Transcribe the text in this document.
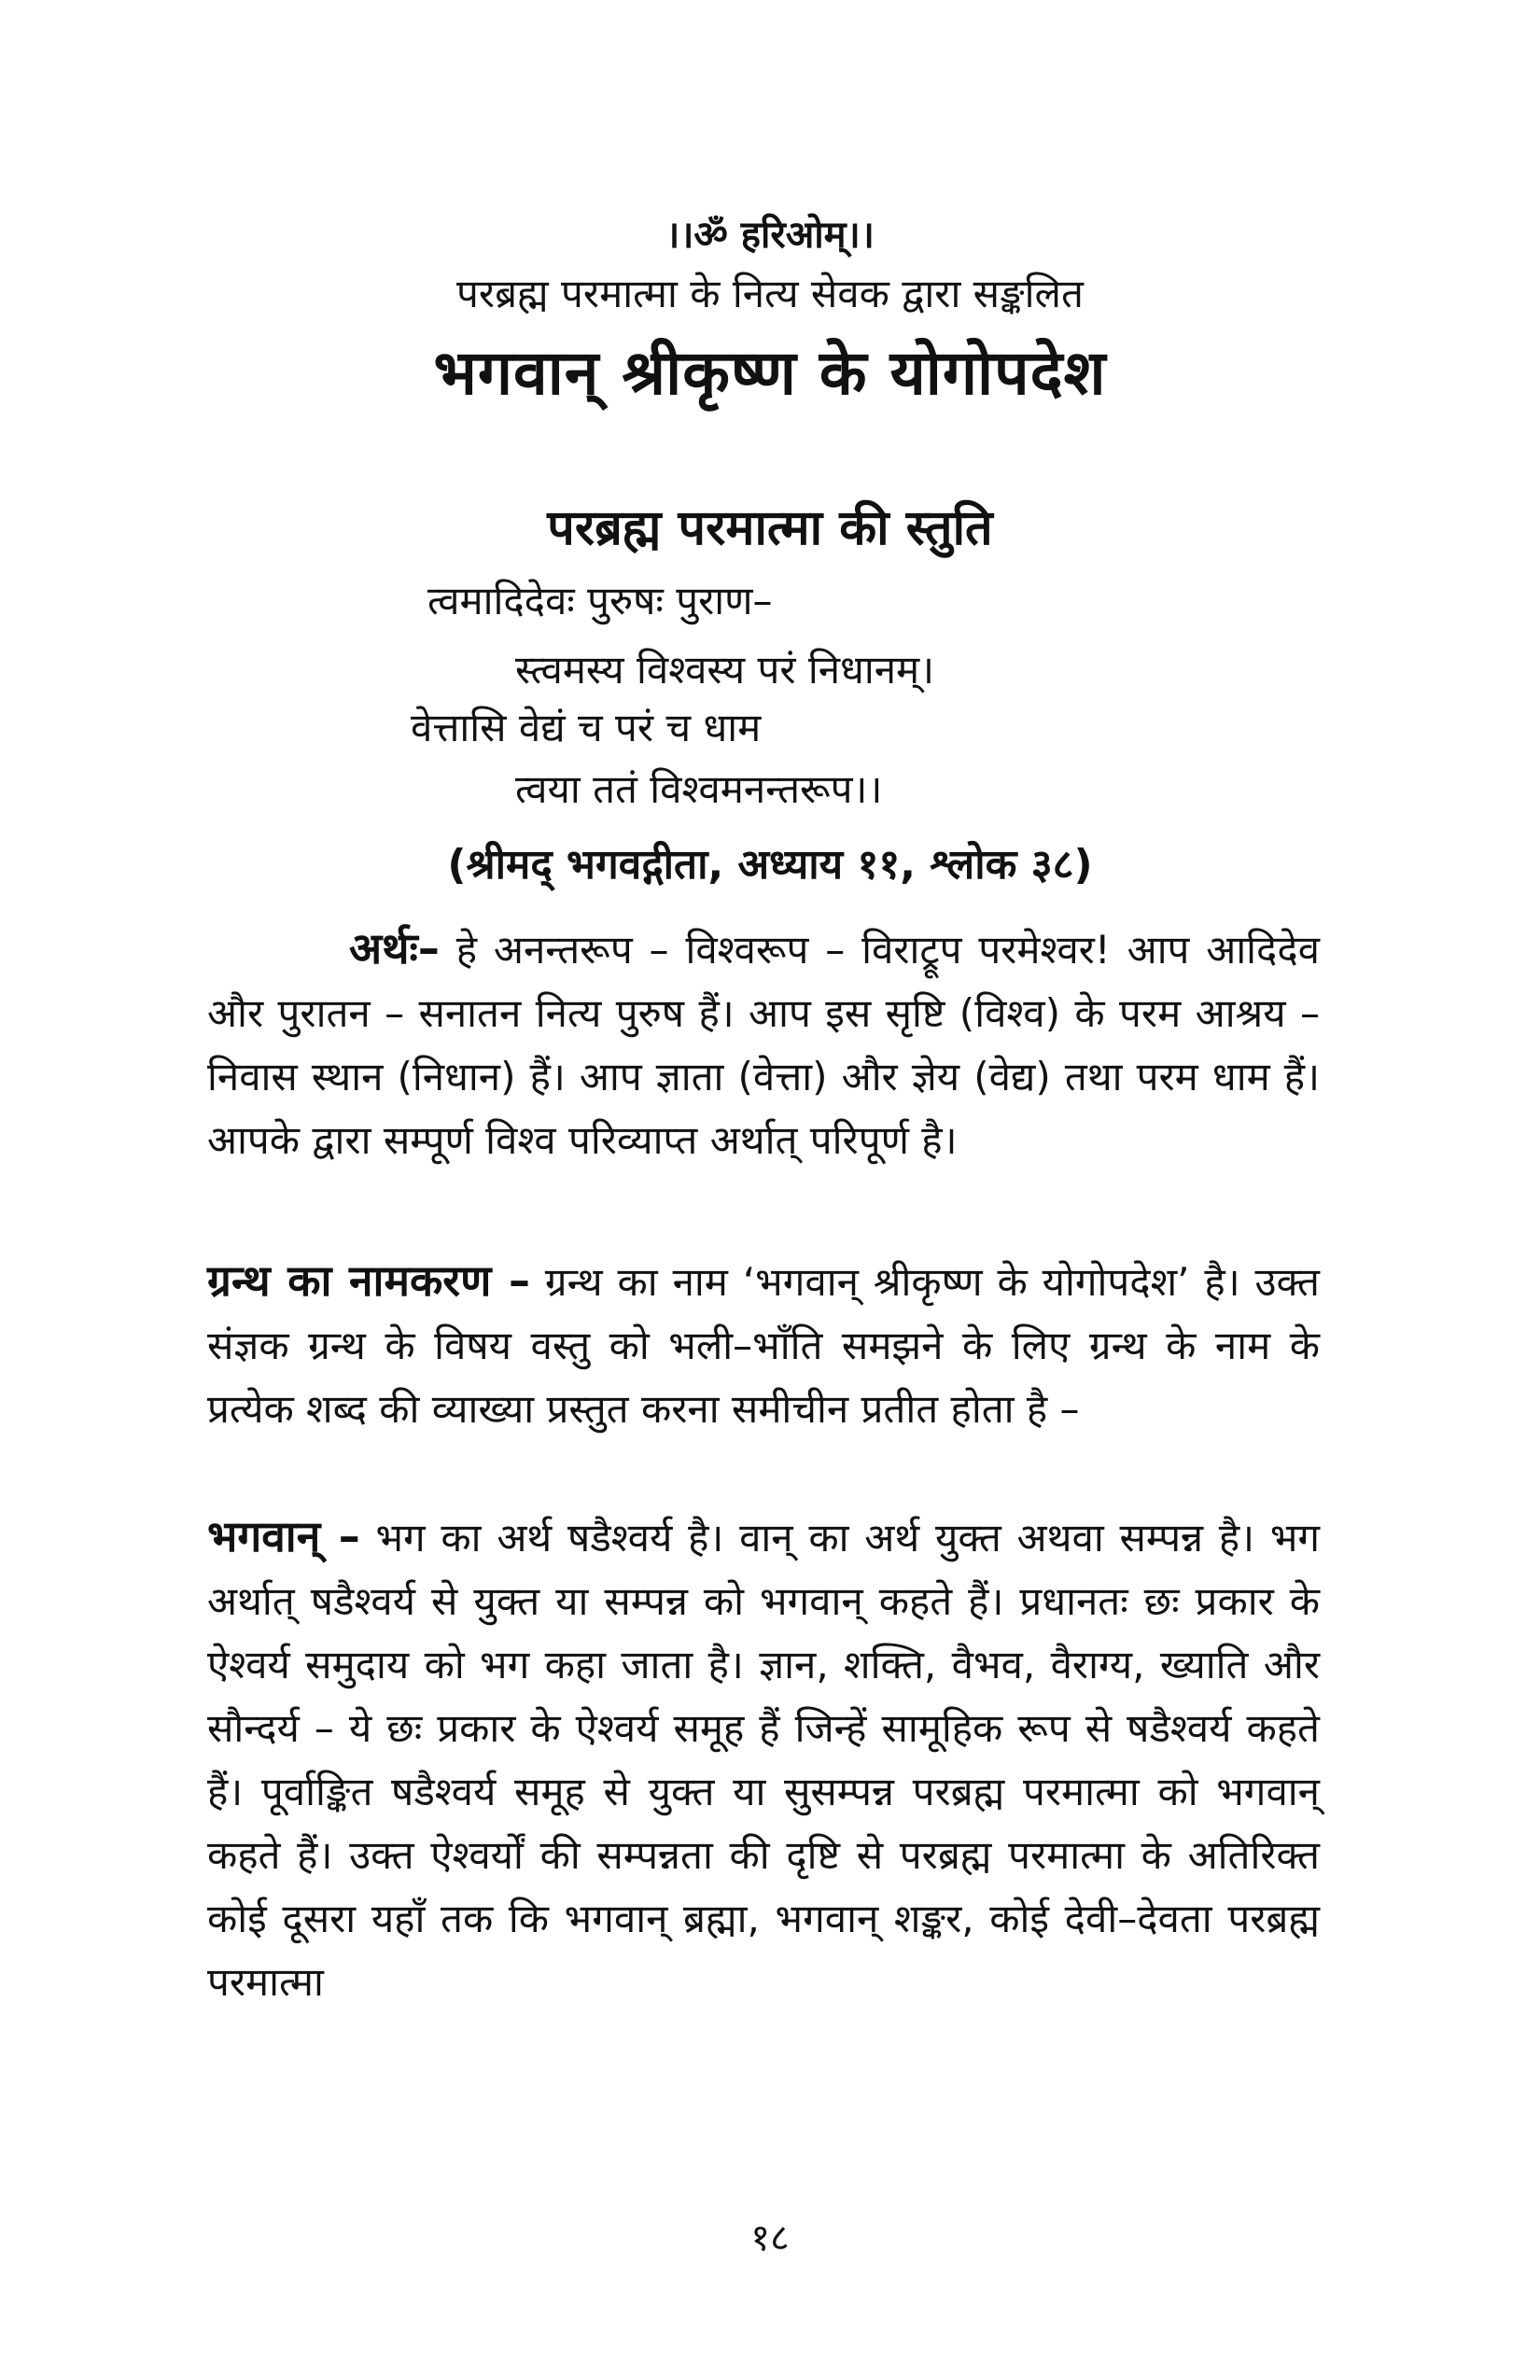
।।ॐ हरिओम्।।
परब्रह्म परमात्मा के नित्य सेवक द्वारा सङ्कलित
भगवान् श्रीकृष्ण के योगोपदेश
परब्रह्म परमात्मा की स्तुति
त्वमादिदेवः पुरुषः पुराण–
स्त्वमस्य विश्वस्य परं निधानम्।
वेत्तासि वेद्यं च परं च धाम
त्वया ततं विश्वमनन्तरूप।।
(श्रीमद् भगवद्गीता, अध्याय ११, श्लोक ३८)
अर्थः– हे अनन्तरूप – विश्वरूप – विराट्रूप परमेश्वर! आप आदिदेव और पुरातन – सनातन नित्य पुरुष हैं। आप इस सृष्टि (विश्व) के परम आश्रय – निवास स्थान (निधान) हैं। आप ज्ञाता (वेत्ता) और ज्ञेय (वेद्य) तथा परम धाम हैं। आपके द्वारा सम्पूर्ण विश्व परिव्याप्त अर्थात् परिपूर्ण है।
ग्रन्थ का नामकरण – ग्रन्थ का नाम ‘भगवान् श्रीकृष्ण के योगोपदेश’ है। उक्त संज्ञक ग्रन्थ के विषय वस्तु को भली–भाँति समझने के लिए ग्रन्थ के नाम के प्रत्येक शब्द की व्याख्या प्रस्तुत करना समीचीन प्रतीत होता है –
भगवान् – भग का अर्थ षडैश्वर्य है। वान् का अर्थ युक्त अथवा सम्पन्न है। भग अर्थात् षडैश्वर्य से युक्त या सम्पन्न को भगवान् कहते हैं। प्रधानतः छः प्रकार के ऐश्वर्य समुदाय को भग कहा जाता है। ज्ञान, शक्ति, वैभव, वैराग्य, ख्याति और सौन्दर्य – ये छः प्रकार के ऐश्वर्य समूह हैं जिन्हें सामूहिक रूप से षडैश्वर्य कहते हैं। पूर्वाङ्कित षडैश्वर्य समूह से युक्त या सुसम्पन्न परब्रह्म परमात्मा को भगवान् कहते हैं। उक्त ऐश्वर्यों की सम्पन्नता की दृष्टि से परब्रह्म परमात्मा के अतिरिक्त कोई दूसरा यहाँ तक कि भगवान् ब्रह्मा, भगवान् शङ्कर, कोई देवी–देवता परब्रह्म परमात्मा
१८
